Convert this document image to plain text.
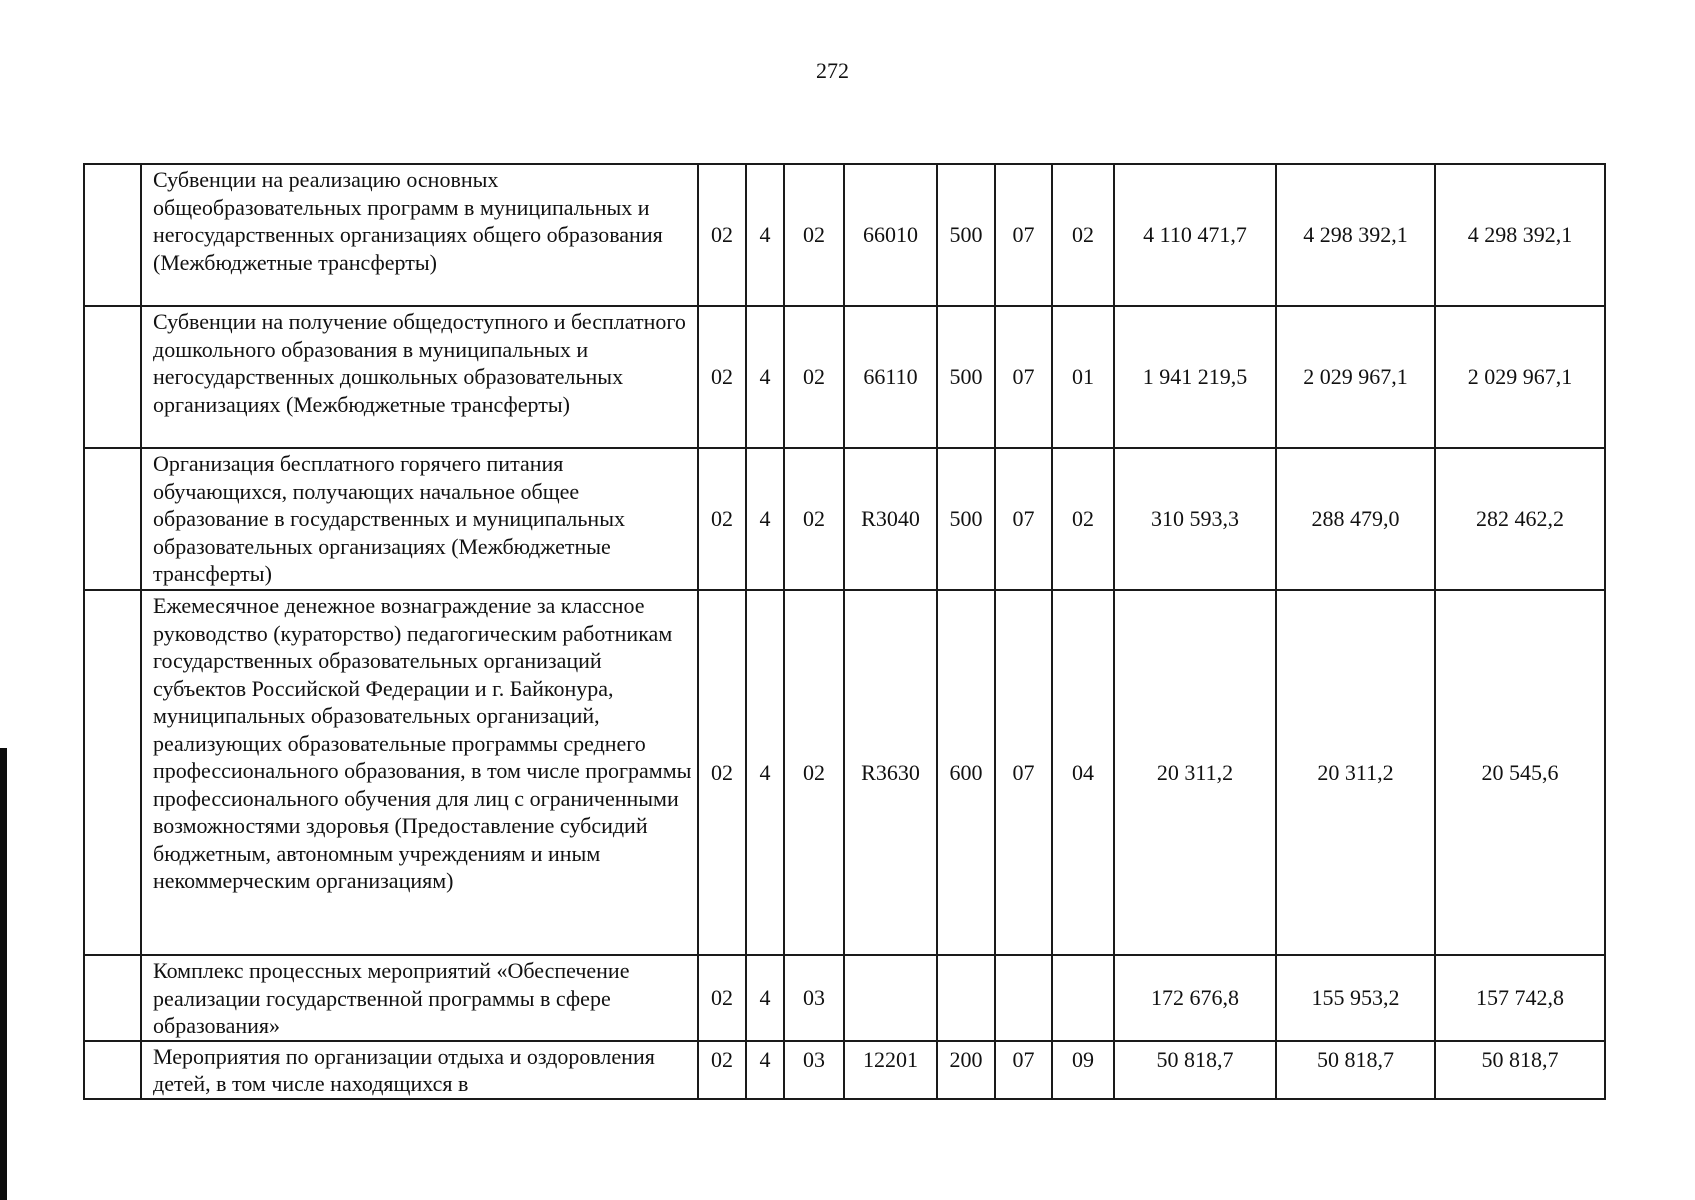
272
	Субвенции на реализацию основных общеобразовательных программ в муниципальных и негосударственных организациях общего образования (Межбюджетные трансферты)	02	4	02	66010	500	07	02	4 110 471,7	4 298 392,1	4 298 392,1
	Субвенции на получение общедоступного и бесплатного дошкольного образования в муниципальных и негосударственных дошкольных образовательных организациях (Межбюджетные трансферты)	02	4	02	66110	500	07	01	1 941 219,5	2 029 967,1	2 029 967,1
	Организация бесплатного горячего питания обучающихся, получающих начальное общее образование в государственных и муниципальных образовательных организациях (Межбюджетные трансферты)	02	4	02	R3040	500	07	02	310 593,3	288 479,0	282 462,2
	Ежемесячное денежное вознаграждение за классное руководство (кураторство) педагогическим работникам государственных образовательных организаций субъектов Российской Федерации и г. Байконура, муниципальных образовательных организаций, реализующих образовательные программы среднего профессионального образования, в том числе программы профессионального обучения для лиц с ограниченными возможностями здоровья (Предоставление субсидий бюджетным, автономным учреждениям и иным некоммерческим организациям)	02	4	02	R3630	600	07	04	20 311,2	20 311,2	20 545,6
	Комплекс процессных мероприятий «Обеспечение реализации государственной программы в сфере образования»	02	4	03					172 676,8	155 953,2	157 742,8
	Мероприятия по организации отдыха и оздоровления детей, в том числе находящихся в	02	4	03	12201	200	07	09	50 818,7	50 818,7	50 818,7
